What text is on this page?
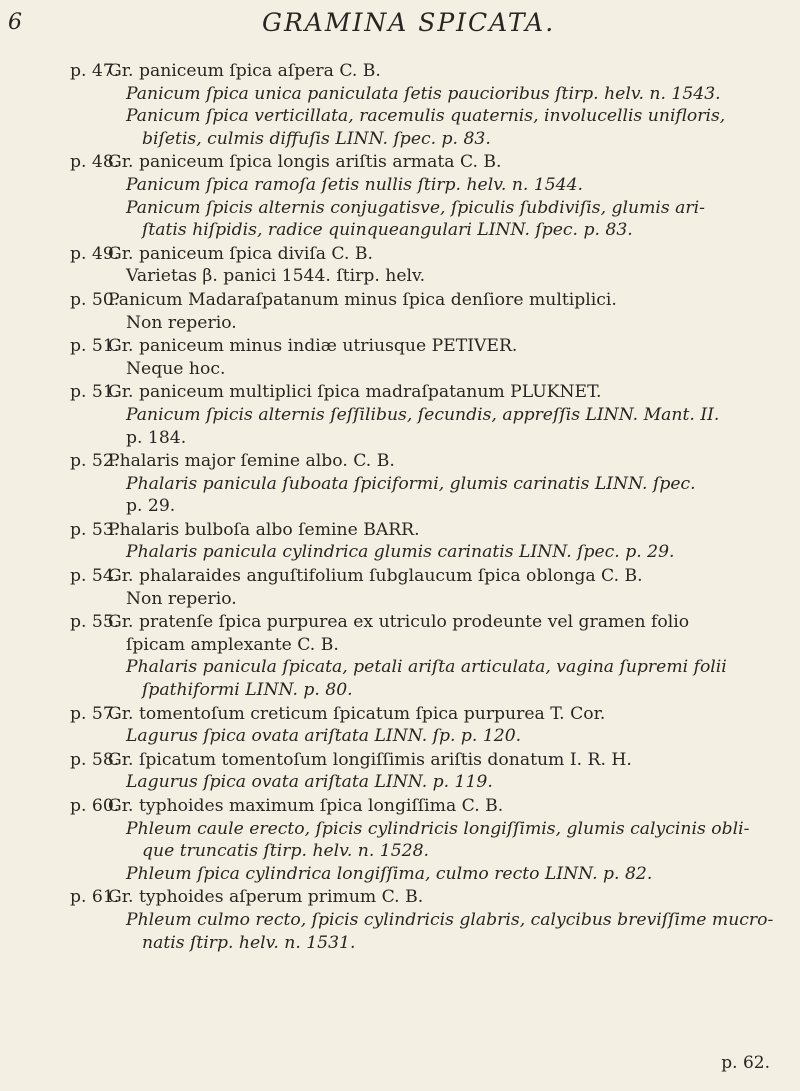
6	GRAMINA SPICATA.
p. 47.
Gr. paniceum ſpica aſpera C. B.
Panicum ſpica unica paniculata ſetis paucioribus ſtirp. helv. n. 1543.
Panicum ſpica verticillata, racemulis quaternis, involucellis unifloris,
biſetis, culmis diffuſis LINN. ſpec. p. 83.
p. 48.
Gr. paniceum ſpica longis ariſtis armata C. B.
Panicum ſpica ramoſa ſetis nullis ſtirp. helv. n. 1544.
Panicum ſpicis alternis conjugatisve, ſpiculis ſubdiviſis, glumis ari-
ſtatis hiſpidis, radice quinqueangulari LINN. ſpec. p. 83.
p. 49.
Gr. paniceum ſpica diviſa C. B.
Varietas β. panici 1544. ſtirp. helv.
p. 50.
Panicum Madaraſpatanum minus ſpica denſiore multiplici.
Non reperio.
p. 51.
Gr. paniceum minus indiæ utriusque PETIVER.
Neque hoc.
p. 51.
Gr. paniceum multiplici ſpica madraſpatanum PLUKNET.
Panicum ſpicis alternis ſeſſilibus, ſecundis, appreſſis LINN. Mant. II.
p. 184.
p. 52.
Phalaris major ſemine albo. C. B.
Phalaris panicula ſuboata ſpiciformi, glumis carinatis LINN. ſpec.
p. 29.
p. 53.
Phalaris bulboſa albo ſemine BARR.
Phalaris panicula cylindrica glumis carinatis LINN. ſpec. p. 29.
p. 54.
Gr. phalaraides anguſtifolium ſubglaucum ſpica oblonga C. B.
Non reperio.
p. 55.
Gr. pratenſe ſpica purpurea ex utriculo prodeunte vel gramen folio
ſpicam amplexante C. B.
Phalaris panicula ſpicata, petali ariſta articulata, vagina ſupremi folii
ſpathiformi LINN. p. 80.
p. 57.
Gr. tomentoſum creticum ſpicatum ſpica purpurea T. Cor.
Lagurus ſpica ovata ariſtata LINN. ſp. p. 120.
p. 58.
Gr. ſpicatum tomentoſum longiſſimis ariſtis donatum I. R. H.
Lagurus ſpica ovata ariſtata LINN. p. 119.
p. 60.
Gr. typhoides maximum ſpica longiſſima C. B.
Phleum caule erecto, ſpicis cylindricis longiſſimis, glumis calycinis obli-
que truncatis ſtirp. helv. n. 1528.
Phleum ſpica cylindrica longiſſima, culmo recto LINN. p. 82.
p. 61.
Gr. typhoides aſperum primum C. B.
Phleum culmo recto, ſpicis cylindricis glabris, calycibus breviſſime mucro-
natis ſtirp. helv. n. 1531.
p. 62.
